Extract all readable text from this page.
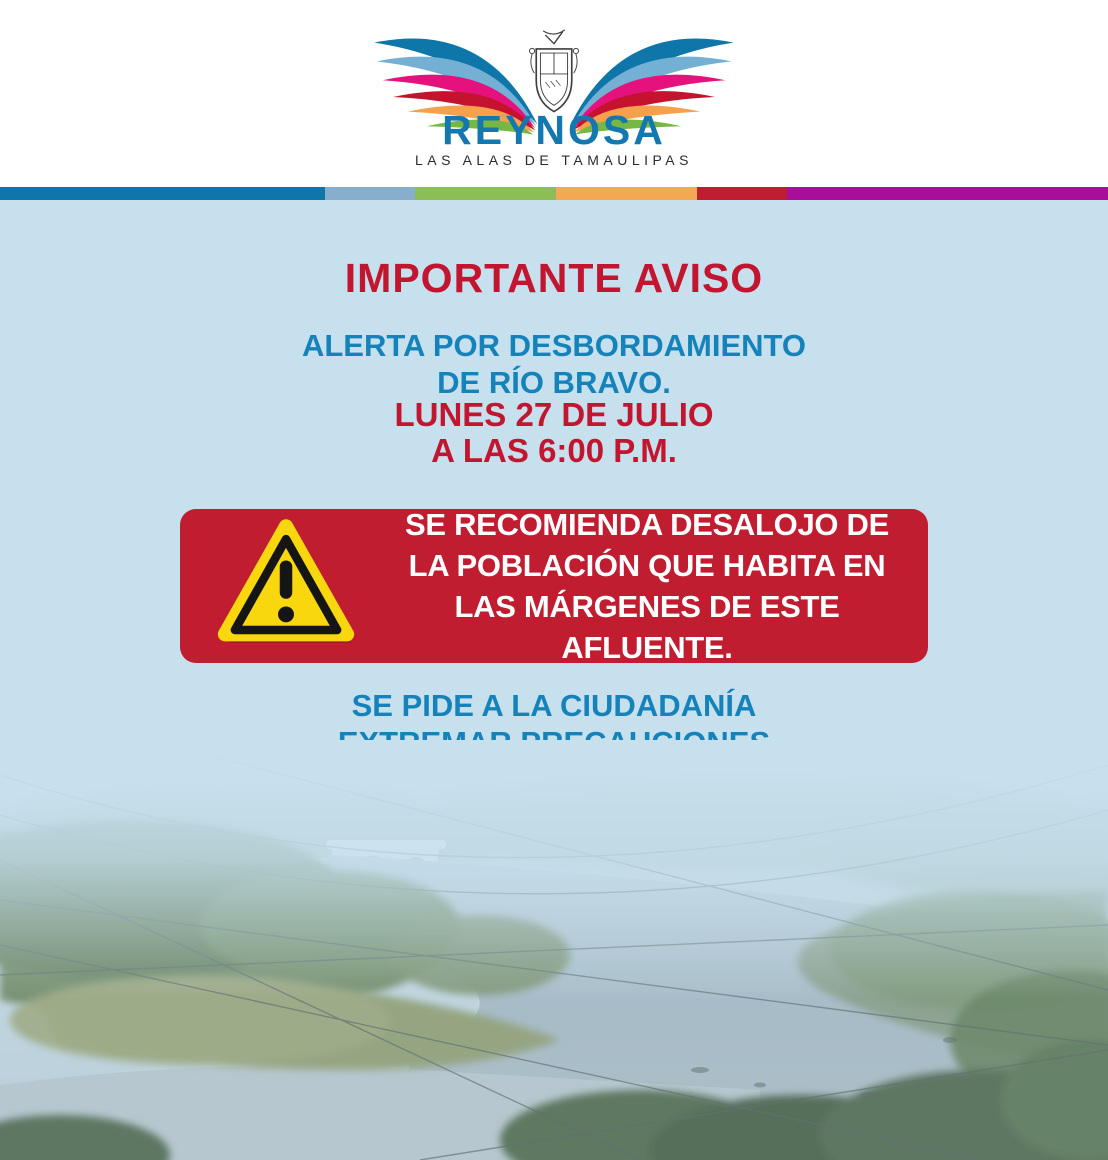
REYNOSA
LAS ALAS DE TAMAULIPAS
IMPORTANTE AVISO
ALERTA POR DESBORDAMIENTO
DE RÍO BRAVO.
LUNES 27 DE JULIO
A LAS 6:00 P.M.
SE RECOMIENDA DESALOJO DE
LA POBLACIÓN QUE HABITA EN
LAS MÁRGENES DE ESTE AFLUENTE.
SE PIDE A LA CIUDADANÍA
